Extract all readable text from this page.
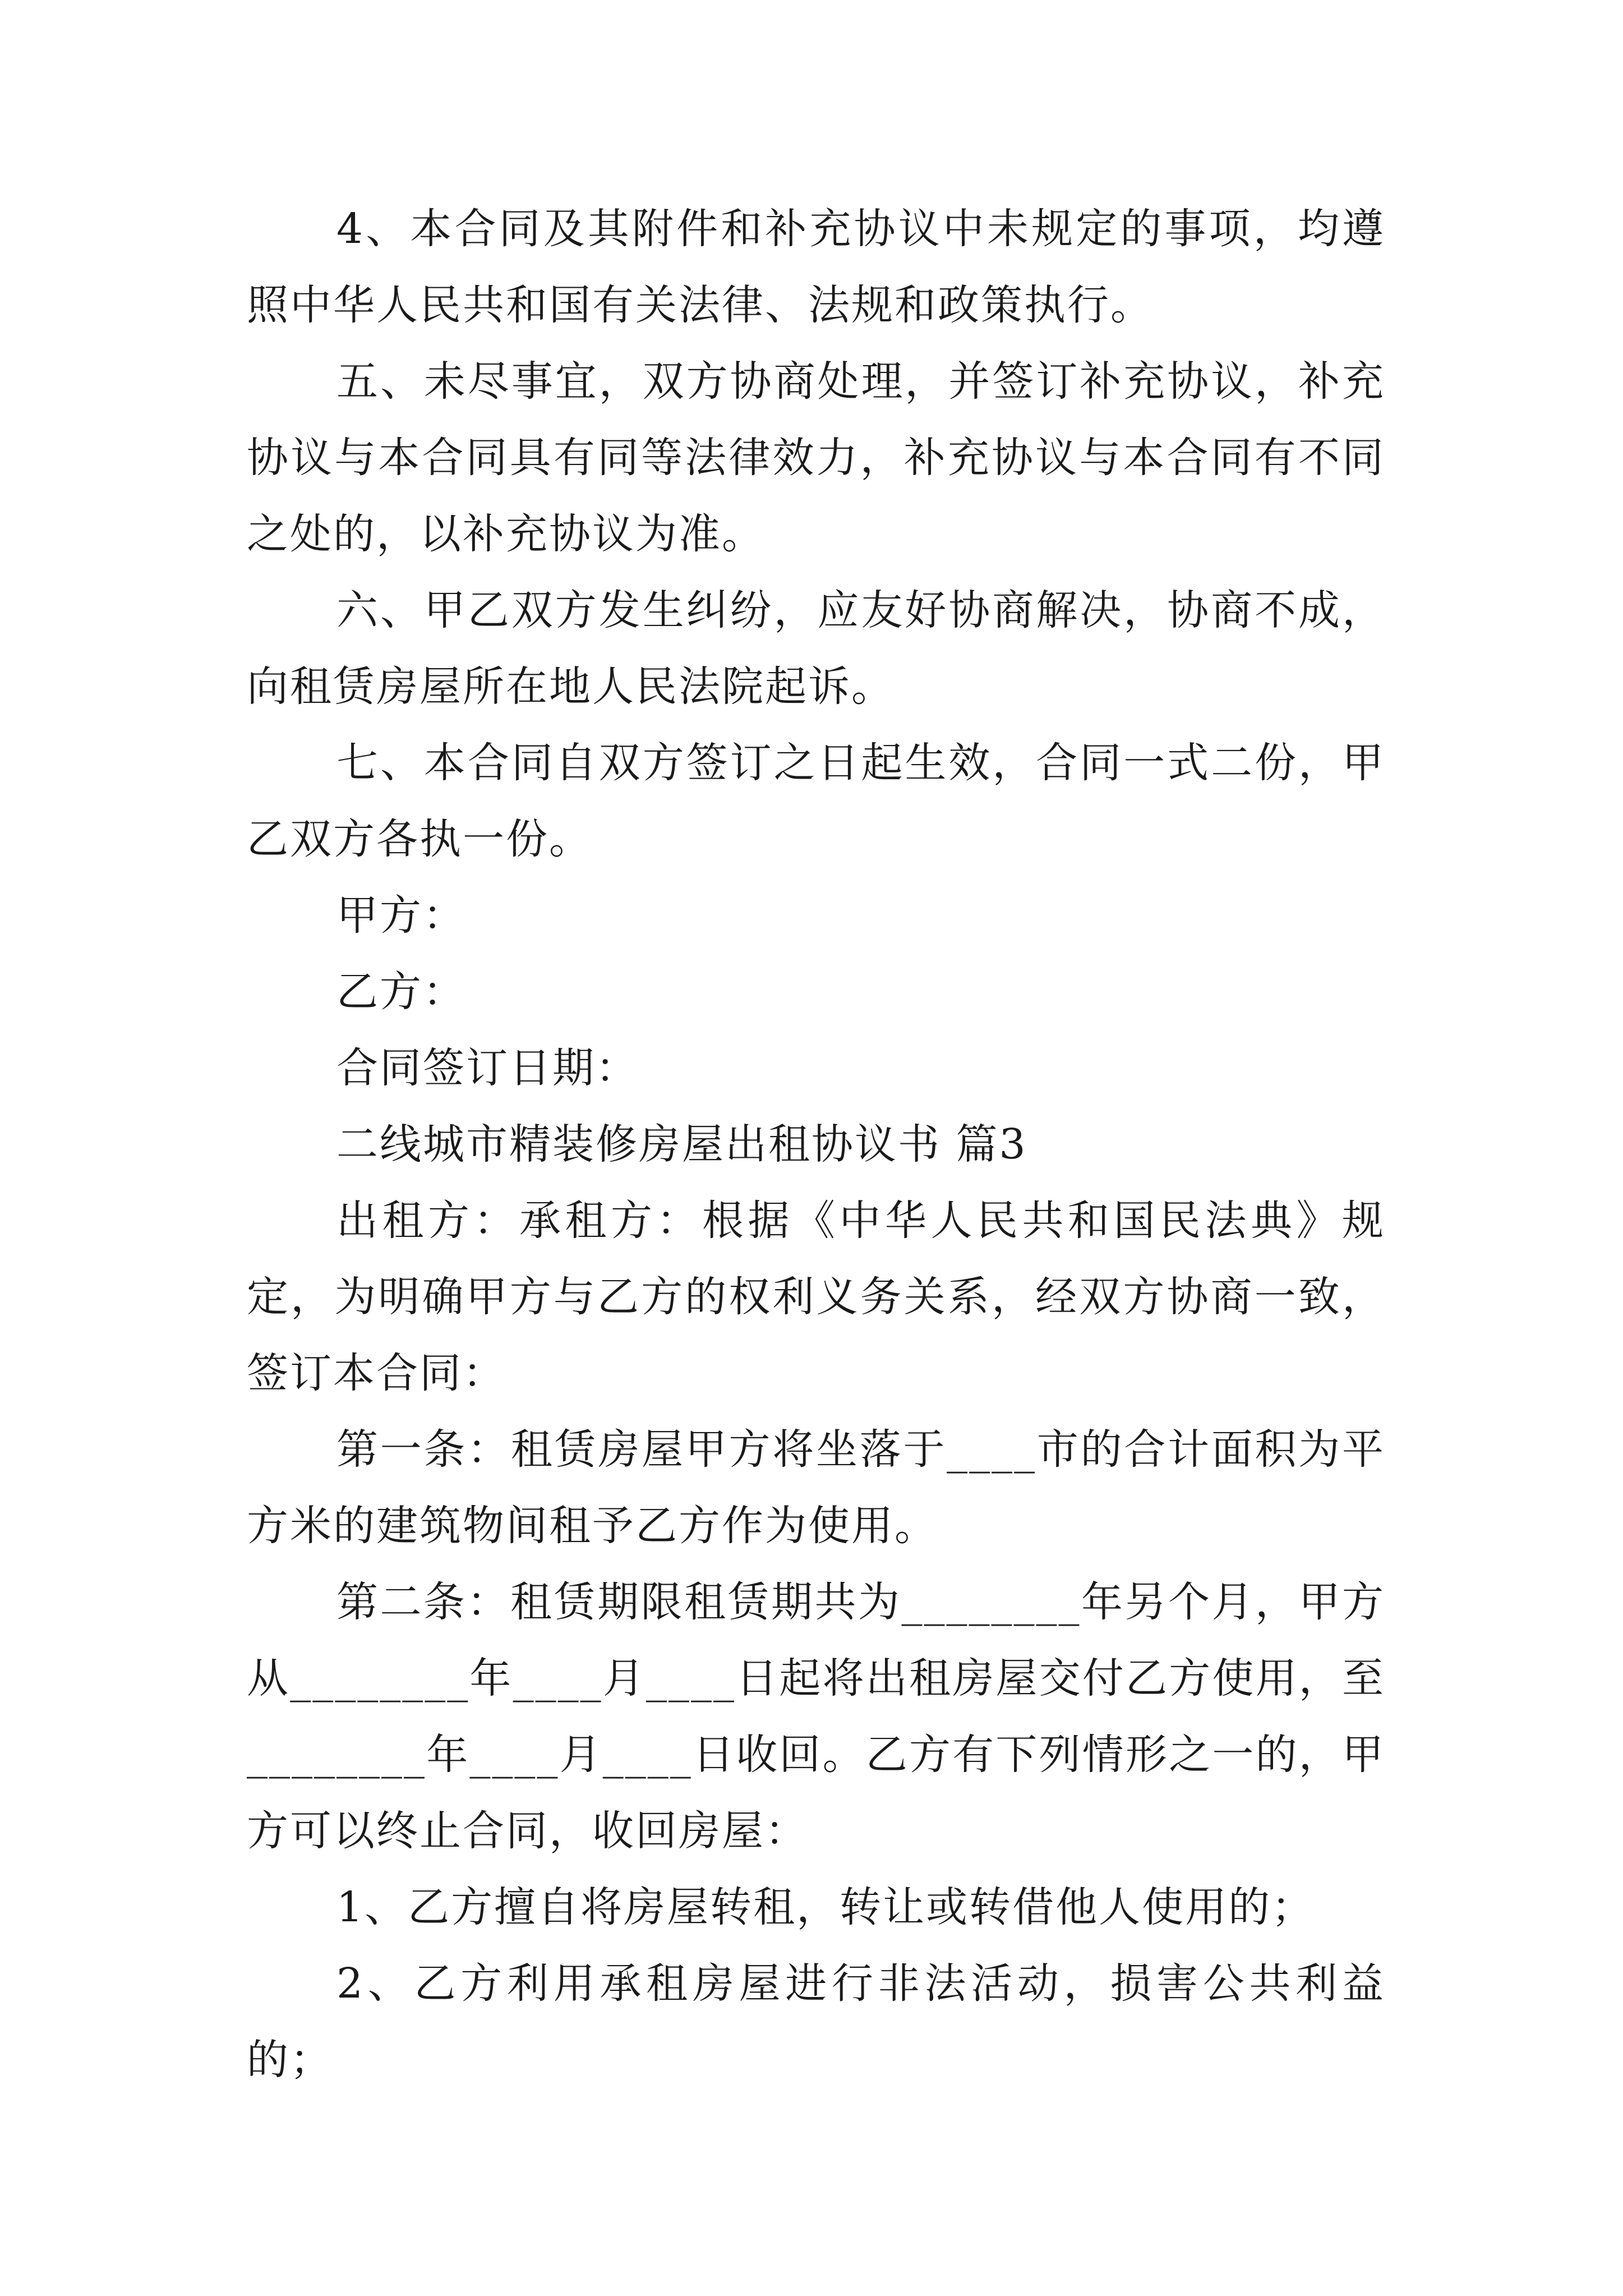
4、本合同及其附件和补充协议中未规定的事项，均遵照中华人民共和国有关法律、法规和政策执行。

五、未尽事宜，双方协商处理，并签订补充协议，补充协议与本合同具有同等法律效力，补充协议与本合同有不同之处的，以补充协议为准。

六、甲乙双方发生纠纷，应友好协商解决，协商不成，向租赁房屋所在地人民法院起诉。

七、本合同自双方签订之日起生效，合同一式二份，甲乙双方各执一份。

甲方：

乙方：

合同签订日期：

二线城市精装修房屋出租协议书 篇3

出租方：承租方：根据《中华人民共和国民法典》规定，为明确甲方与乙方的权利义务关系，经双方协商一致，签订本合同：

第一条：租赁房屋甲方将坐落于____市的合计面积为平方米的建筑物间租予乙方作为使用。

第二条：租赁期限租赁期共为________年另个月，甲方从________年____月____日起将出租房屋交付乙方使用，至________年____月____日收回。乙方有下列情形之一的，甲方可以终止合同，收回房屋：

1、乙方擅自将房屋转租，转让或转借他人使用的；

2、乙方利用承租房屋进行非法活动，损害公共利益的；
